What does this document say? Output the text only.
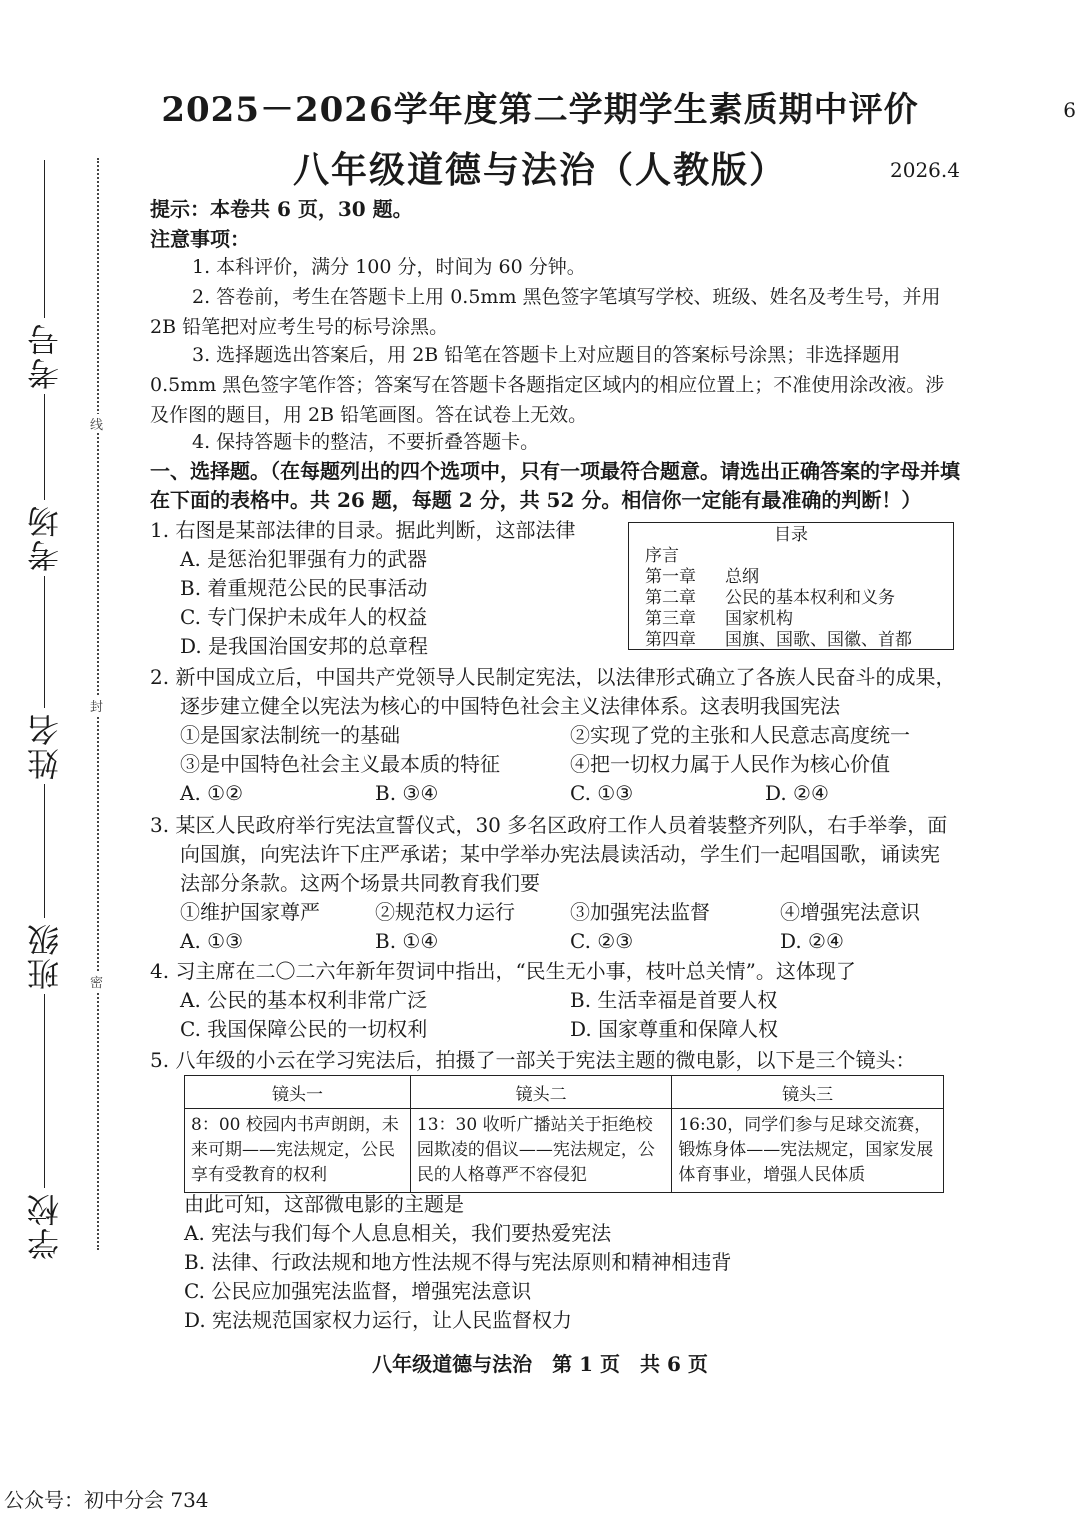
考号
考场
姓名
班级
学校
线
封
密
6
2025－2026学年度第二学期学生素质期中评价
八年级道德与法治（人教版）	2026.4
提示：本卷共 6 页，30 题。
注意事项：
1. 本科评价，满分 100 分，时间为 60 分钟。
2. 答卷前，考生在答题卡上用 0.5mm 黑色签字笔填写学校、班级、姓名及考生号，并用 2B 铅笔把对应考生号的标号涂黑。
3. 选择题选出答案后，用 2B 铅笔在答题卡上对应题目的答案标号涂黑；非选择题用 0.5mm 黑色签字笔作答；答案写在答题卡各题指定区域内的相应位置上；不准使用涂改液。涉及作图的题目，用 2B 铅笔画图。答在试卷上无效。
4. 保持答题卡的整洁，不要折叠答题卡。
一、选择题。（在每题列出的四个选项中，只有一项最符合题意。请选出正确答案的字母并填在下面的表格中。共 26 题，每题 2 分，共 52 分。相信你一定能有最准确的判断！）
1. 右图是某部法律的目录。据此判断，这部法律
A. 是惩治犯罪强有力的武器
B. 着重规范公民的民事活动
C. 专门保护未成年人的权益
D. 是我国治国安邦的总章程
目录
序言
第一章 总纲
第二章 公民的基本权利和义务
第三章 国家机构
第四章 国旗、国歌、国徽、首都
2. 新中国成立后，中国共产党领导人民制定宪法，以法律形式确立了各族人民奋斗的成果，逐步建立健全以宪法为核心的中国特色社会主义法律体系。这表明我国宪法
①是国家法制统一的基础	②实现了党的主张和人民意志高度统一
③是中国特色社会主义最本质的特征	④把一切权力属于人民作为核心价值
A. ①②	B. ③④	C. ①③	D. ②④
3. 某区人民政府举行宪法宣誓仪式，30 多名区政府工作人员着装整齐列队，右手举拳，面向国旗，向宪法许下庄严承诺；某中学举办宪法晨读活动，学生们一起唱国歌，诵读宪法部分条款。这两个场景共同教育我们要
①维护国家尊严	②规范权力运行	③加强宪法监督	④增强宪法意识
A. ①③	B. ①④	C. ②③	D. ②④
4. 习主席在二〇二六年新年贺词中指出，“民生无小事，枝叶总关情”。这体现了
A. 公民的基本权利非常广泛	B. 生活幸福是首要人权
C. 我国保障公民的一切权利	D. 国家尊重和保障人权
5. 八年级的小云在学习宪法后，拍摄了一部关于宪法主题的微电影，以下是三个镜头：
镜头一	镜头二	镜头三
8：00 校园内书声朗朗，未来可期——宪法规定，公民享有受教育的权利	13：30 收听广播站关于拒绝校园欺凌的倡议——宪法规定，公民的人格尊严不容侵犯	16:30，同学们参与足球交流赛，锻炼身体——宪法规定，国家发展体育事业，增强人民体质
由此可知，这部微电影的主题是
A. 宪法与我们每个人息息相关，我们要热爱宪法
B. 法律、行政法规和地方性法规不得与宪法原则和精神相违背
C. 公民应加强宪法监督，增强宪法意识
D. 宪法规范国家权力运行，让人民监督权力
八年级道德与法治　第 1 页　共 6 页
公众号：初中分会 734
